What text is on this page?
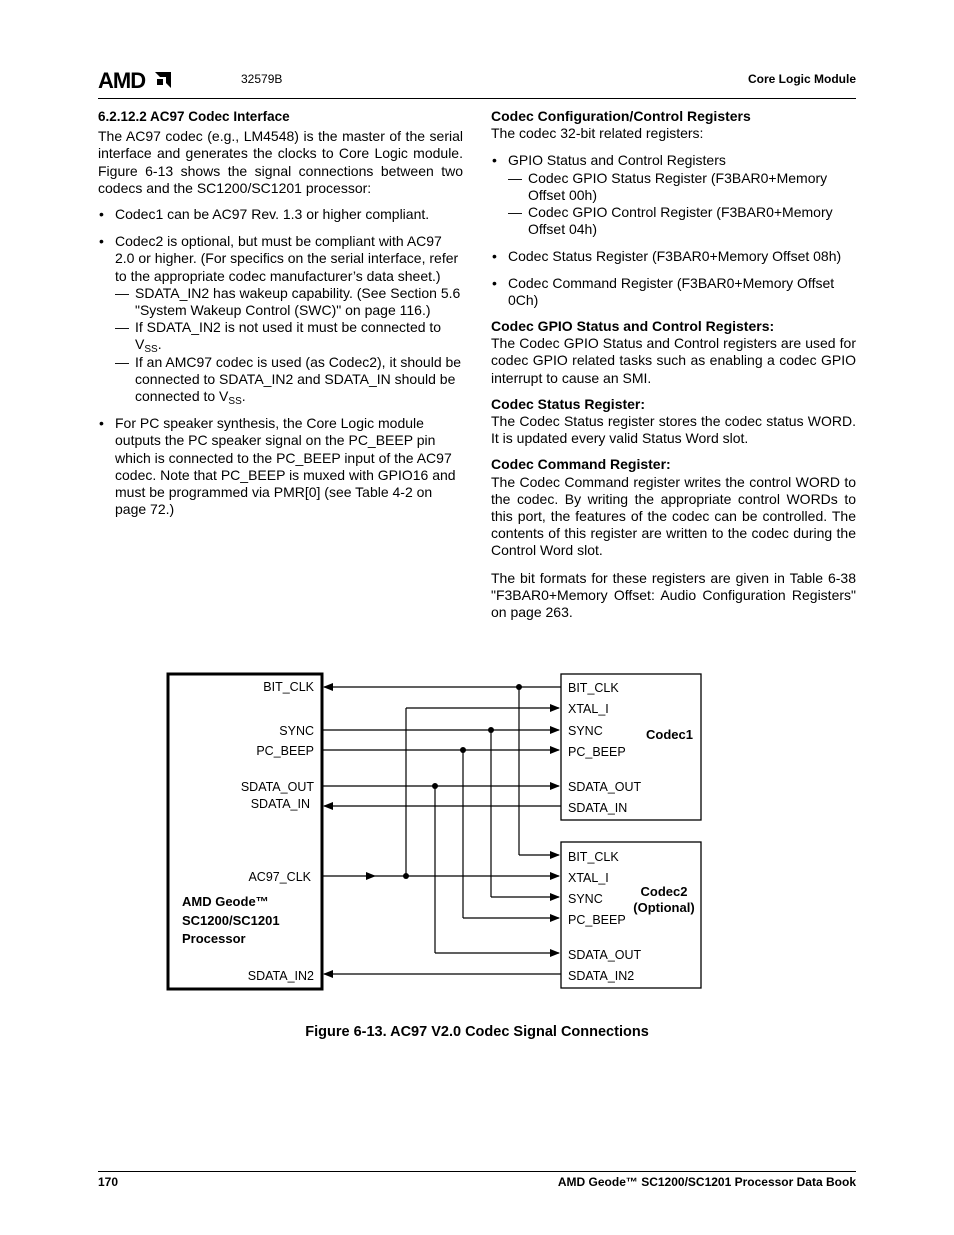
AMD	32579B	Core Logic Module

6.2.12.2 AC97 Codec Interface

The AC97 codec (e.g., LM4548) is the master of the serial interface and generates the clocks to Core Logic module. Figure 6-13 shows the signal connections between two codecs and the SC1200/SC1201 processor:

• Codec1 can be AC97 Rev. 1.3 or higher compliant.
• Codec2 is optional, but must be compliant with AC97 2.0 or higher. (For specifics on the serial interface, refer to the appropriate codec manufacturer’s data sheet.)
— SDATA_IN2 has wakeup capability. (See Section 5.6 "System Wakeup Control (SWC)" on page 116.)
— If SDATA_IN2 is not used it must be connected to $V_{SS}$.
— If an AMC97 codec is used (as Codec2), it should be connected to SDATA_IN2 and SDATA_IN should be connected to $V_{SS}$.
• For PC speaker synthesis, the Core Logic module outputs the PC speaker signal on the PC_BEEP pin which is connected to the PC_BEEP input of the AC97 codec. Note that PC_BEEP is muxed with GPIO16 and must be programmed via PMR[0] (see Table 4-2 on page 72.)

Codec Configuration/Control Registers

The codec 32-bit related registers:

• GPIO Status and Control Registers
— Codec GPIO Status Register (F3BAR0+Memory Offset 00h)
— Codec GPIO Control Register (F3BAR0+Memory Offset 04h)
• Codec Status Register (F3BAR0+Memory Offset 08h)
• Codec Command Register (F3BAR0+Memory Offset 0Ch)

Codec GPIO Status and Control Registers:

The Codec GPIO Status and Control registers are used for codec GPIO related tasks such as enabling a codec GPIO interrupt to cause an SMI.

Codec Status Register:

The Codec Status register stores the codec status WORD. It is updated every valid Status Word slot.

Codec Command Register:

The Codec Command register writes the control WORD to the codec. By writing the appropriate control WORDs to this port, the features of the codec can be controlled. The contents of this register are written to the codec during the Control Word slot.

The bit formats for these registers are given in Table 6-38 "F3BAR0+Memory Offset: Audio Configuration Registers" on page 263.

BIT_CLK
SYNC
PC_BEEP
SDATA_OUT
SDATA_IN
AC97_CLK
SDATA_IN2
AMD Geode™
SC1200/SC1201
Processor
BIT_CLK
XTAL_I
SYNC
PC_BEEP
SDATA_OUT
SDATA_IN
Codec1
BIT_CLK
XTAL_I
SYNC
PC_BEEP
SDATA_OUT
SDATA_IN2
Codec2
(Optional)
Figure 6-13. AC97 V2.0 Codec Signal Connections
170	AMD Geode™ SC1200/SC1201 Processor Data Book
